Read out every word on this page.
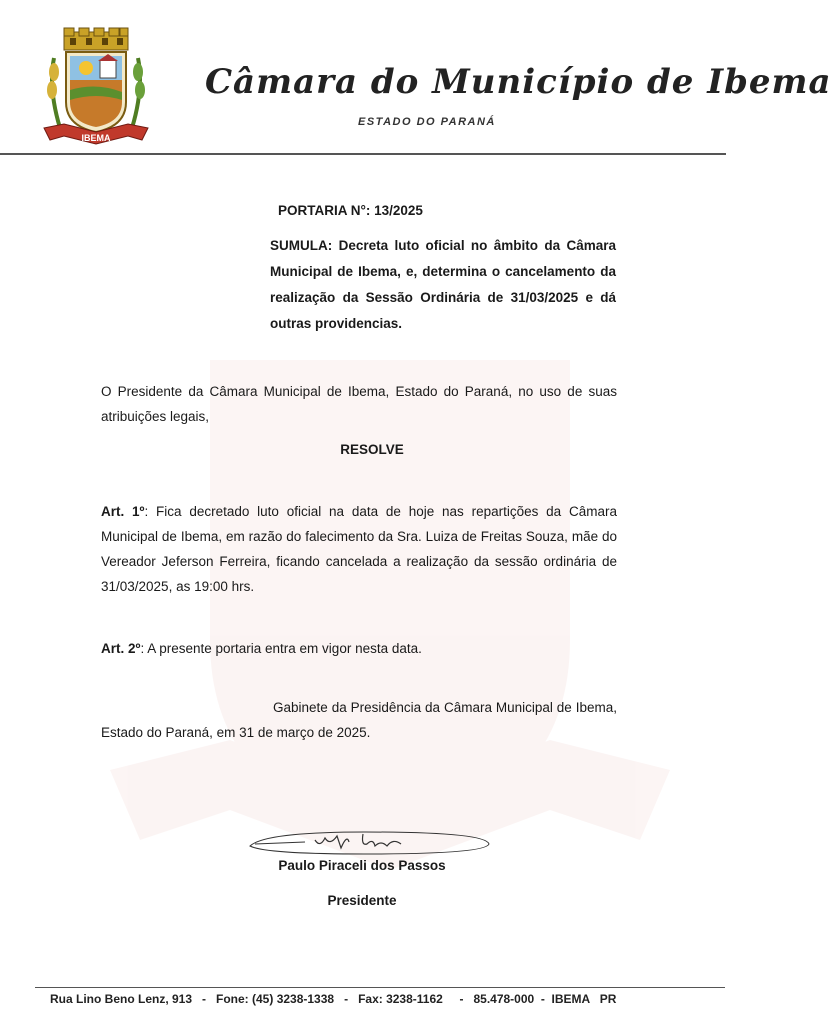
IBEMA
Câmara do Município de Ibema
ESTADO DO PARANÁ
PORTARIA N°: 13/2025
SUMULA: Decreta luto oficial no âmbito da Câmara Municipal de Ibema, e, determina o cancelamento da realização da Sessão Ordinária de 31/03/2025 e dá outras providencias.
O Presidente da Câmara Municipal de Ibema, Estado do Paraná, no uso de suas atribuições legais,
RESOLVE
Art. 1º: Fica decretado luto oficial na data de hoje nas repartições da Câmara Municipal de Ibema, em razão do falecimento da Sra. Luiza de Freitas Souza, mãe do Vereador Jeferson Ferreira, ficando cancelada a realização da sessão ordinária de 31/03/2025, as 19:00 hrs.
Art. 2º: A presente portaria entra em vigor nesta data.
Gabinete da Presidência da Câmara Municipal de Ibema, Estado do Paraná, em 31 de março de 2025.
Paulo Piraceli dos Passos
Presidente
Rua Lino Beno Lenz, 913   -   Fone: (45) 3238-1338   -   Fax: 3238-1162     -   85.478-000  -  IBEMA   PR
